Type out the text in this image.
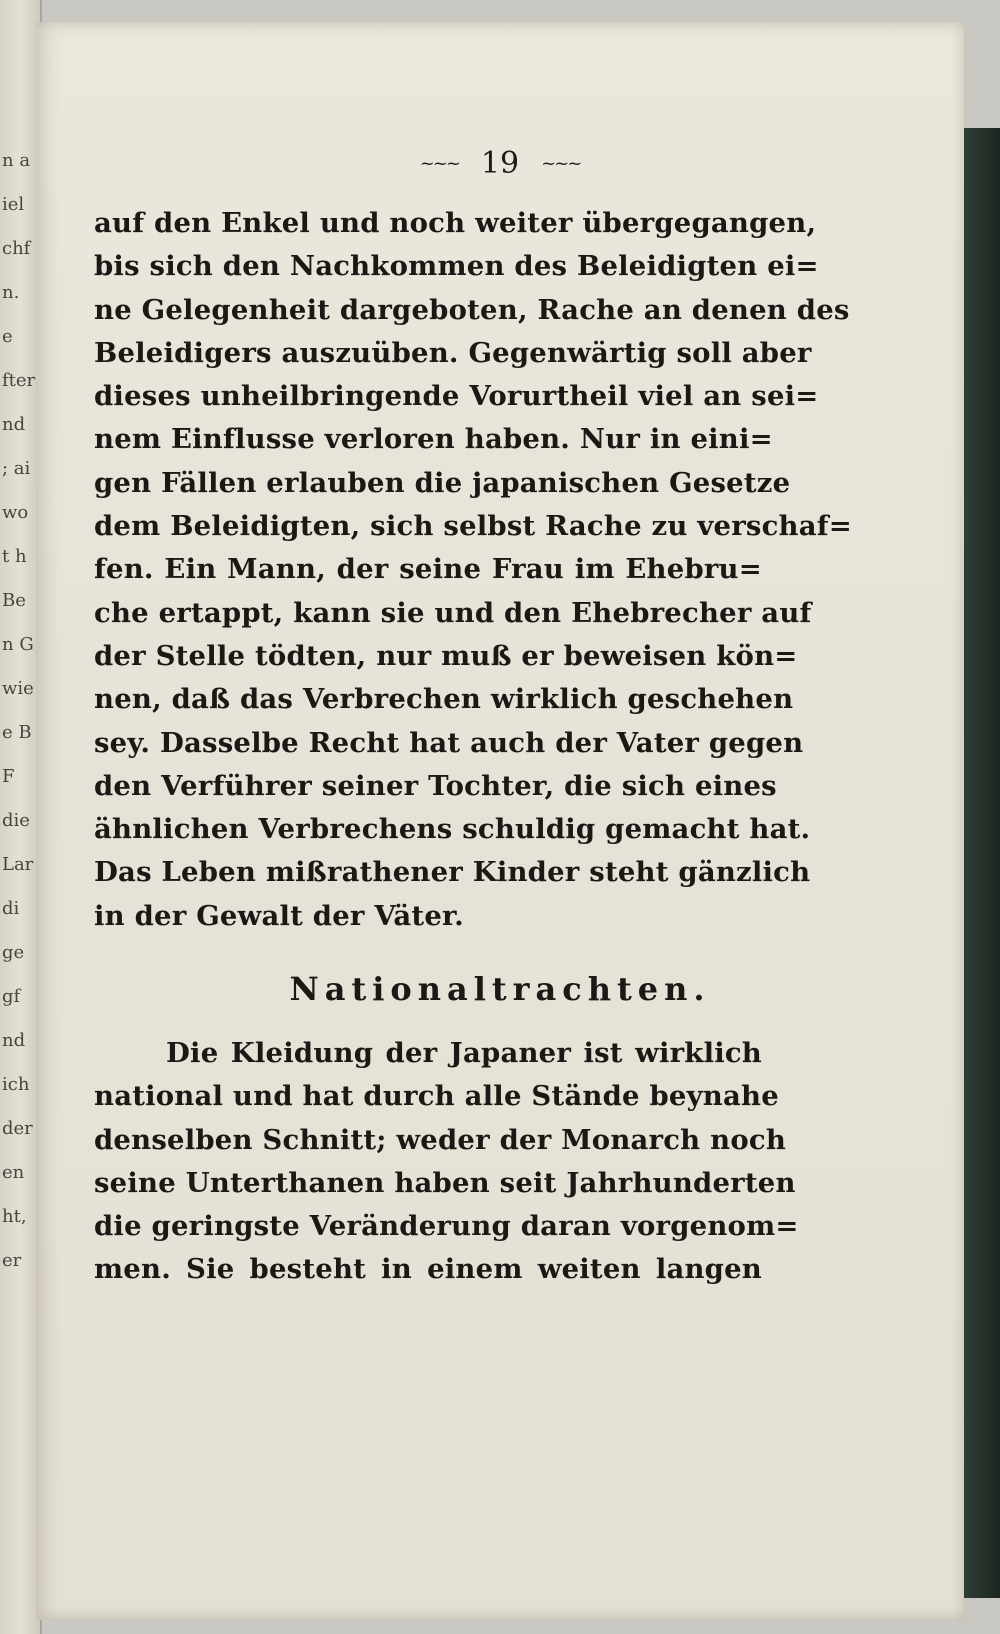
n a
iel
chf
n.
e
fter
nd
; ai
wo
t h
Be
n G
wie
e B
F
die
Lar
di
ge
gf
nd
ich
der
en
ht,
er
~~~ 19 ~~~
auf den Enkel und noch weiter übergegangen,
bis sich den Nachkommen des Beleidigten ei=
ne Gelegenheit dargeboten, Rache an denen des
Beleidigers auszuüben. Gegenwärtig soll aber
dieses unheilbringende Vorurtheil viel an sei=
nem Einflusse verloren haben. Nur in eini=
gen Fällen erlauben die japanischen Gesetze
dem Beleidigten, sich selbst Rache zu verschaf=
fen. Ein Mann, der seine Frau im Ehebru=
che ertappt, kann sie und den Ehebrecher auf
der Stelle tödten, nur muß er beweisen kön=
nen, daß das Verbrechen wirklich geschehen
sey. Dasselbe Recht hat auch der Vater gegen
den Verführer seiner Tochter, die sich eines
ähnlichen Verbrechens schuldig gemacht hat.
Das Leben mißrathener Kinder steht gänzlich
in der Gewalt der Väter.
Nationaltrachten.
Die Kleidung der Japaner ist wirklich
national und hat durch alle Stände beynahe
denselben Schnitt; weder der Monarch noch
seine Unterthanen haben seit Jahrhunderten
die geringste Veränderung daran vorgenom=
men. Sie besteht in einem weiten langen
